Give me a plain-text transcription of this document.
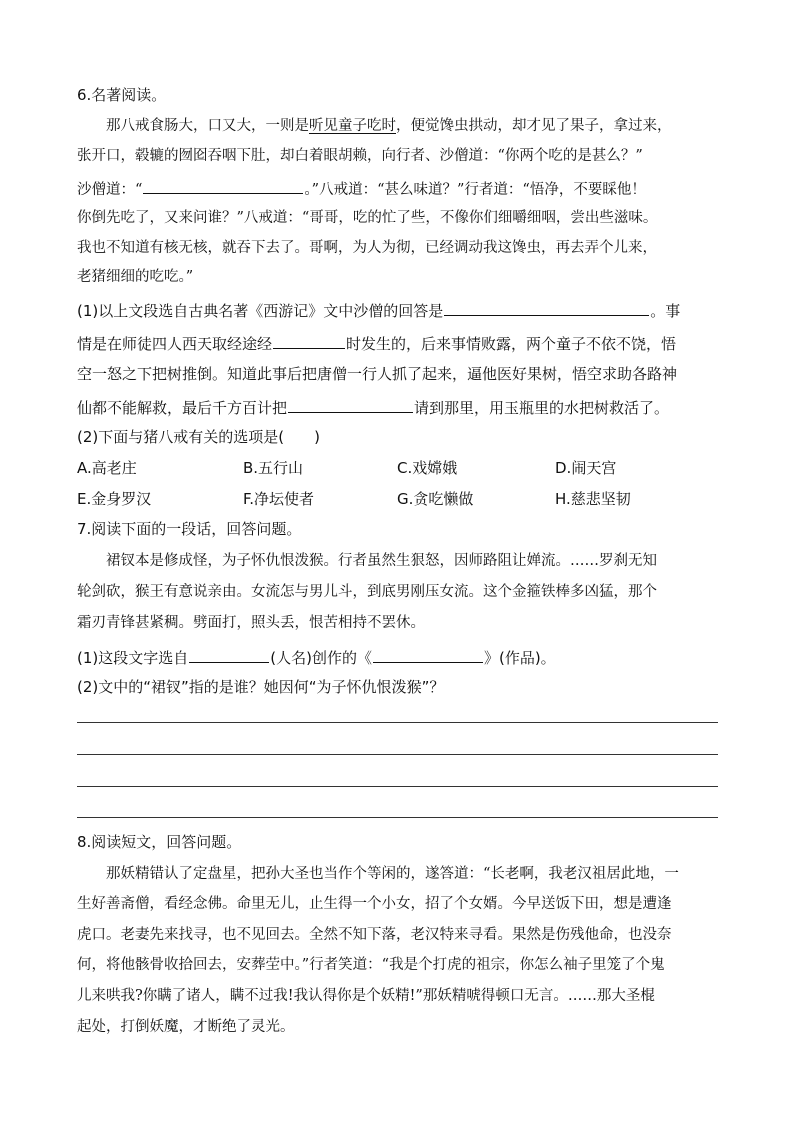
6.名著阅读。
那八戒食肠大，口又大，一则是听见童子吃时，便觉馋虫拱动，却才见了果子，拿过来，
张开口，毂辘的囫囵吞咽下肚，却白着眼胡赖，向行者、沙僧道：“你两个吃的是甚么？”
沙僧道：“	。”八戒道：“甚么味道？”行者道：“悟净，不要睬他！
你倒先吃了，又来问谁？”八戒道：“哥哥，吃的忙了些，不像你们细嚼细咽，尝出些滋味。
我也不知道有核无核，就吞下去了。哥啊，为人为彻，已经调动我这馋虫，再去弄个儿来，
老猪细细的吃吃。”
(1)以上文段选自古典名著《西游记》文中沙僧的回答是	。事
情是在师徒四人西天取经途经	时发生的，后来事情败露，两个童子不依不饶，悟
空一怒之下把树推倒。知道此事后把唐僧一行人抓了起来，逼他医好果树，悟空求助各路神
仙都不能解救，最后千方百计把	请到那里，用玉瓶里的水把树救活了。
(2)下面与猪八戒有关的选项是(　　)
A.高老庄	B.五行山	C.戏嫦娥	D.闹天宫
E.金身罗汉	F.净坛使者	G.贪吃懒做	H.慈悲坚韧
7.阅读下面的一段话，回答问题。
裙钗本是修成怪，为子怀仇恨泼猴。行者虽然生狠怒，因师路阻让婵流。……罗刹无知
轮剑砍，猴王有意说亲由。女流怎与男儿斗，到底男刚压女流。这个金箍铁棒多凶猛，那个
霜刃青锋甚紧稠。劈面打，照头丢，恨苦相持不罢休。
(1)这段文字选自	(人名)创作的《	》(作品)。
(2)文中的“裙钗”指的是谁？她因何“为子怀仇恨泼猴”？
8.阅读短文，回答问题。
那妖精错认了定盘星，把孙大圣也当作个等闲的，遂答道：“长老啊，我老汉祖居此地，一
生好善斋僧，看经念佛。命里无儿，止生得一个小女，招了个女婿。今早送饭下田，想是遭逢
虎口。老妻先来找寻，也不见回去。全然不知下落，老汉特来寻看。果然是伤残他命，也没奈
何，将他骸骨收拾回去，安葬茔中。”行者笑道：“我是个打虎的祖宗，你怎么袖子里笼了个鬼
儿来哄我?你瞒了诸人，瞒不过我!我认得你是个妖精!”那妖精唬得顿口无言。……那大圣棍
起处，打倒妖魔，才断绝了灵光。
